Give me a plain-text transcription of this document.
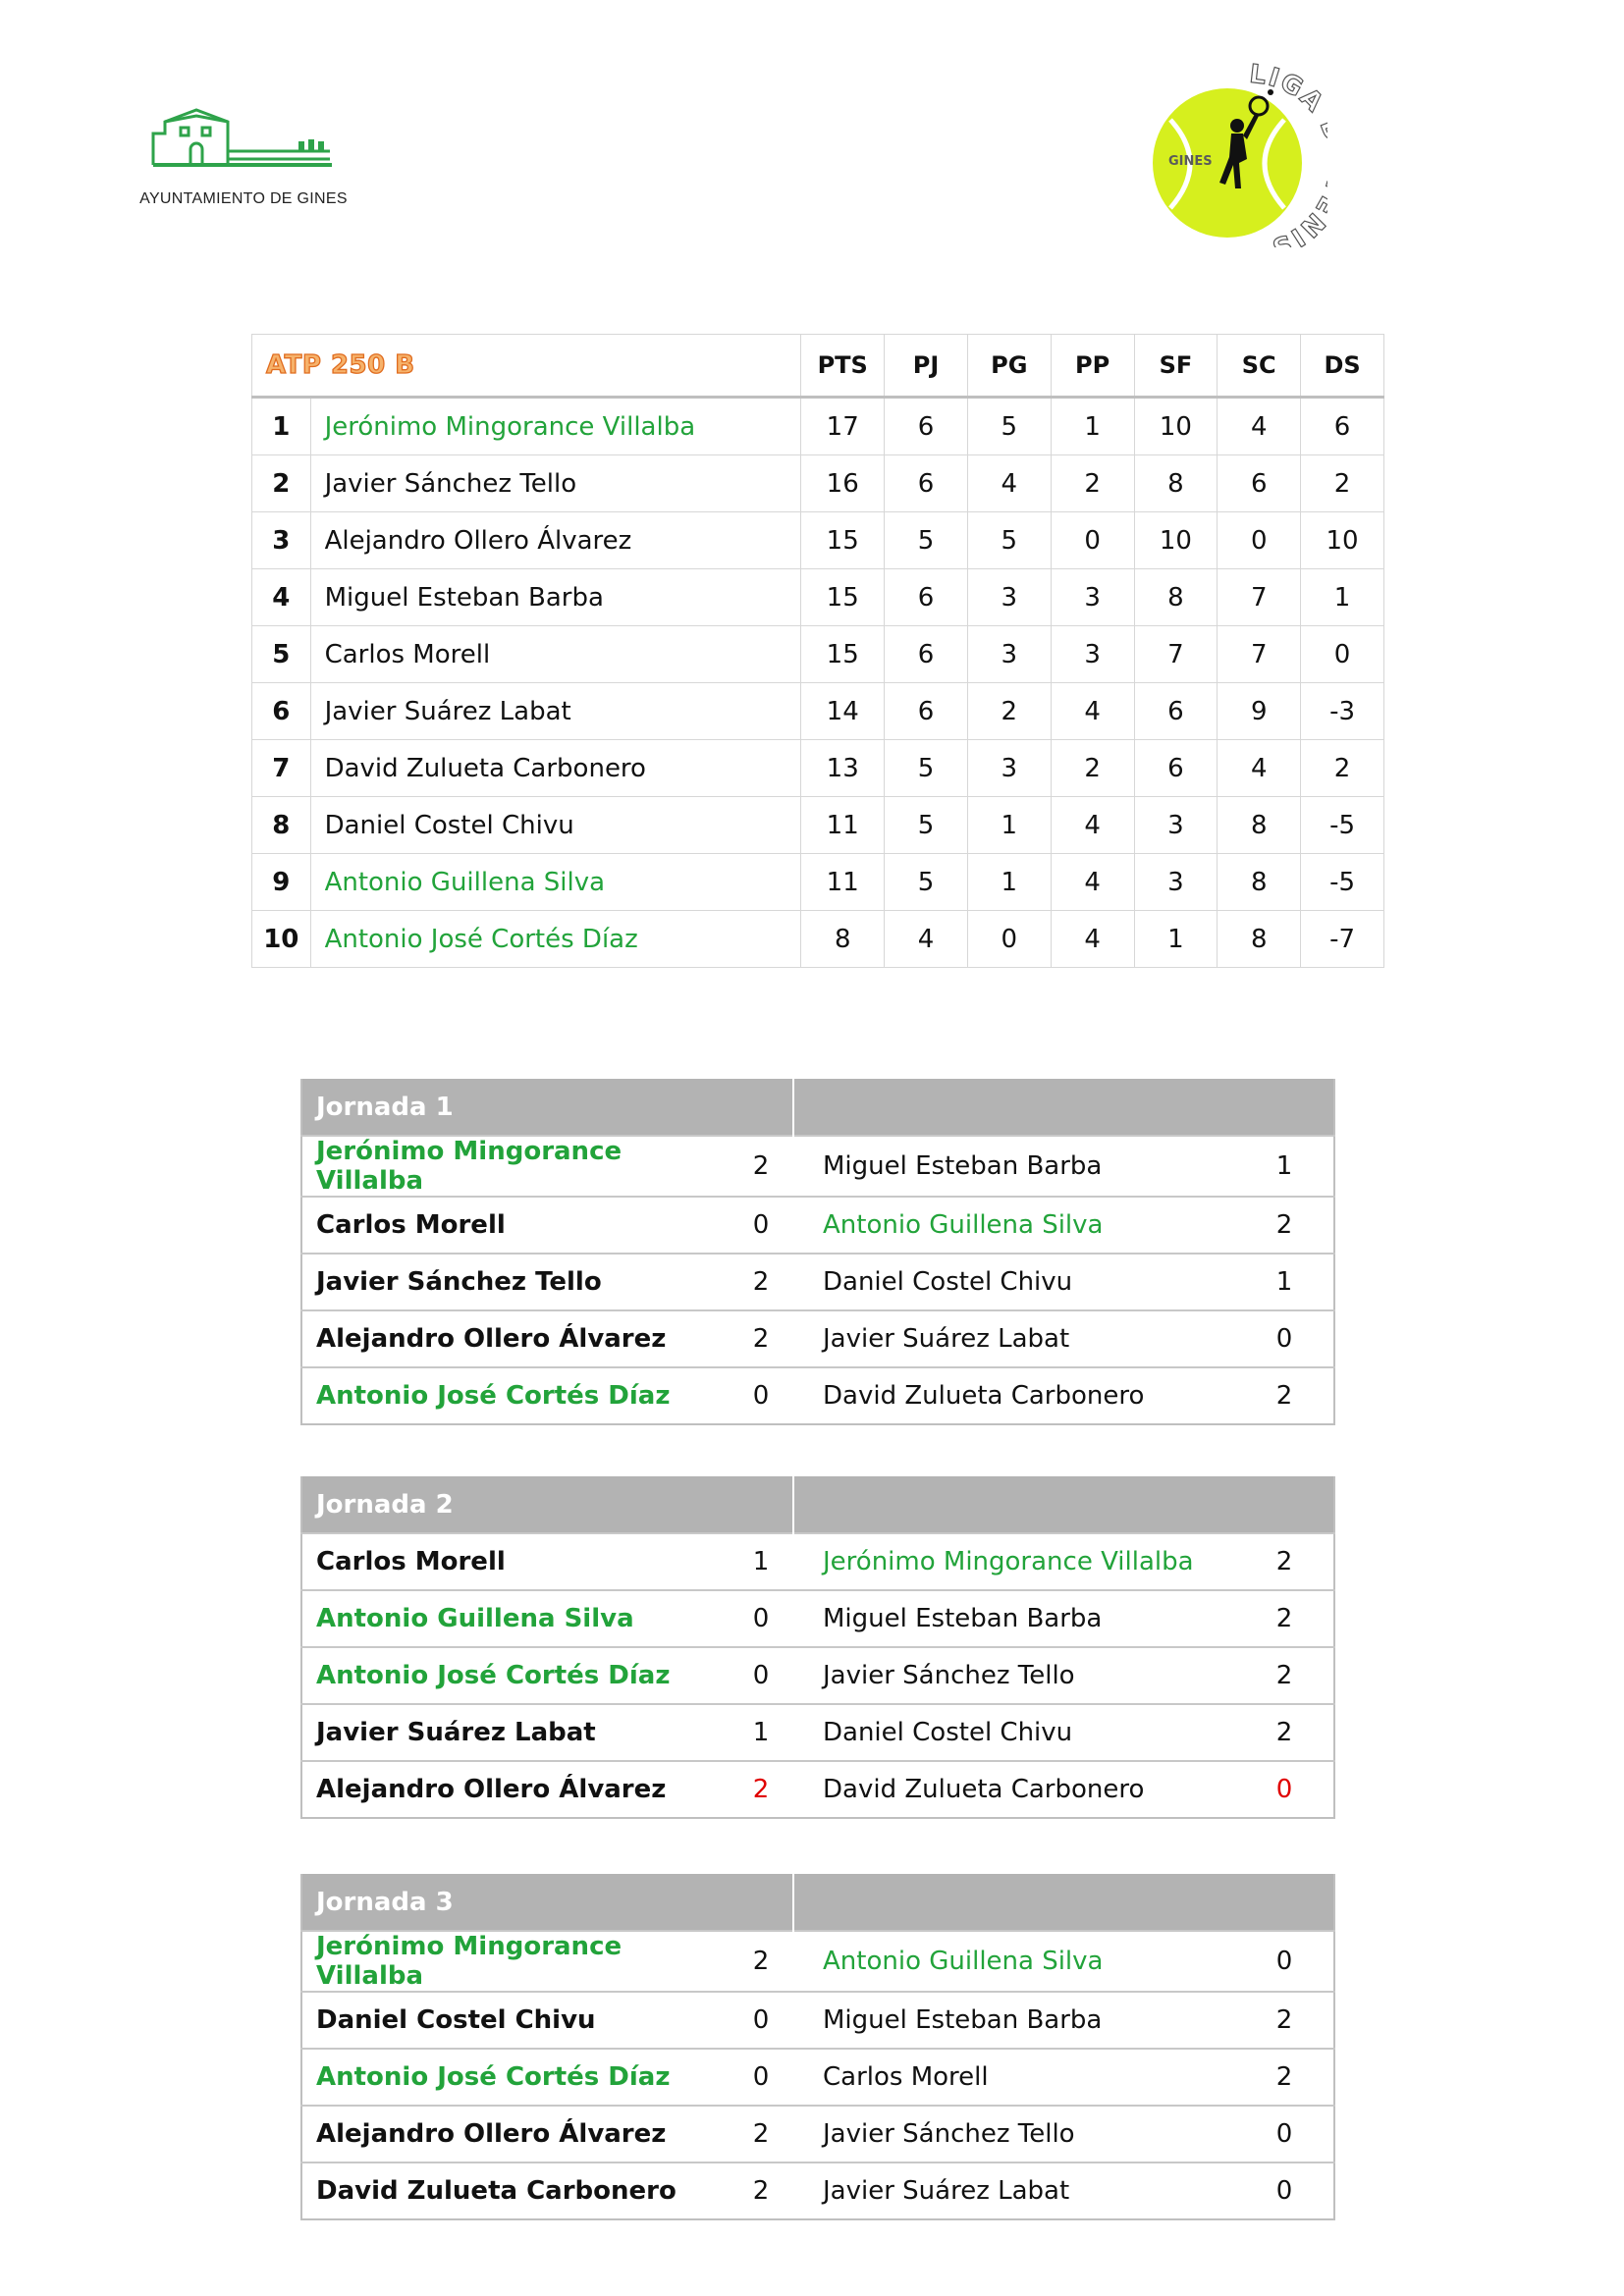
AYUNTAMIENTO DE GINES
GINES
LIGA NIS
ATP 250 B		PTS	PJ	PG	PP	SF	SC	DS
1	Jerónimo Mingorance Villalba	17	6	5	1	10	4	6
2	Javier Sánchez Tello	16	6	4	2	8	6	2
3	Alejandro Ollero Álvarez	15	5	5	0	10	0	10
4	Miguel Esteban Barba	15	6	3	3	8	7	1
5	Carlos Morell	15	6	3	3	7	7	0
6	Javier Suárez Labat	14	6	2	4	6	9	-3
7	David Zulueta Carbonero	13	5	3	2	6	4	2
8	Daniel Costel Chivu	11	5	1	4	3	8	-5
9	Antonio Guillena Silva	11	5	1	4	3	8	-5
10	Antonio José Cortés Díaz	8	4	0	4	1	8	-7
Jornada 1			
Jerónimo Mingorance Villalba	2	Miguel Esteban Barba	1
Carlos Morell	0	Antonio Guillena Silva	2
Javier Sánchez Tello	2	Daniel Costel Chivu	1
Alejandro Ollero Álvarez	2	Javier Suárez Labat	0
Antonio José Cortés Díaz	0	David Zulueta Carbonero	2
Jornada 2			
Carlos Morell	1	Jerónimo Mingorance Villalba	2
Antonio Guillena Silva	0	Miguel Esteban Barba	2
Antonio José Cortés Díaz	0	Javier Sánchez Tello	2
Javier Suárez Labat	1	Daniel Costel Chivu	2
Alejandro Ollero Álvarez	2	David Zulueta Carbonero	0
Jornada 3			
Jerónimo Mingorance Villalba	2	Antonio Guillena Silva	0
Daniel Costel Chivu	0	Miguel Esteban Barba	2
Antonio José Cortés Díaz	0	Carlos Morell	2
Alejandro Ollero Álvarez	2	Javier Sánchez Tello	0
David Zulueta Carbonero	2	Javier Suárez Labat	0
